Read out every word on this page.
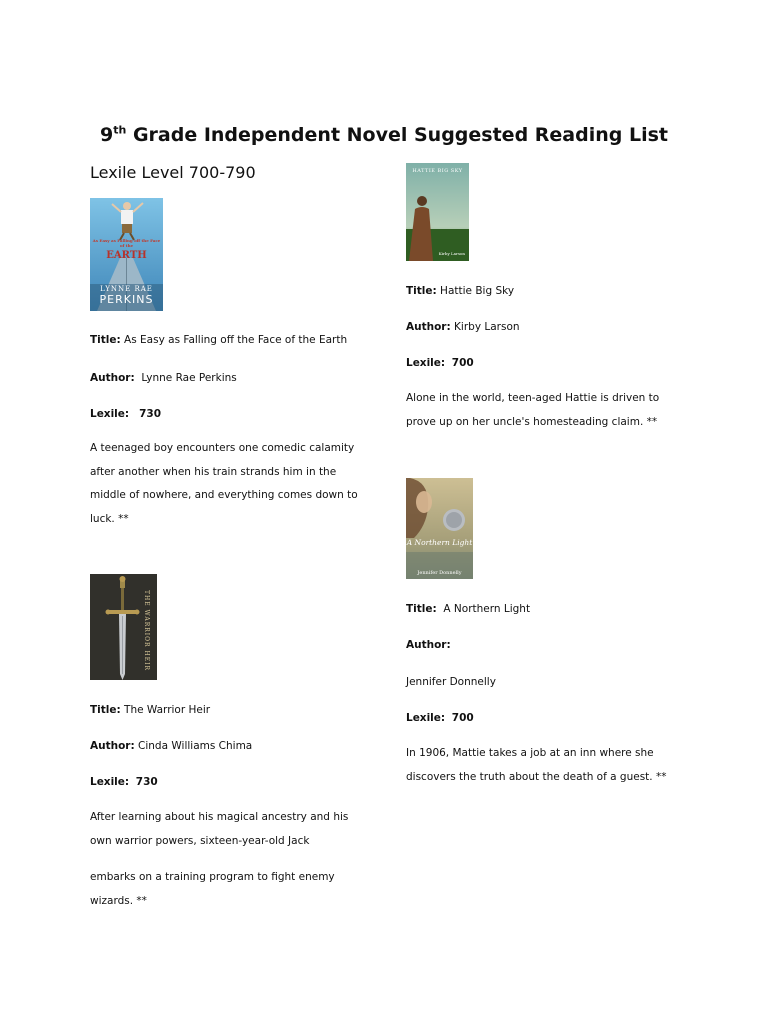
9th Grade Independent Novel Suggested Reading List
Lexile Level 700-790
As Easy as Falling off the Face of the
EARTH
LYNNE RAE
PERKINS
Title: As Easy as Falling off the Face of the Earth
Author: Lynne Rae Perkins
Lexile: 730
A teenaged boy encounters one comedic calamity
after another when his train strands him in the
middle of nowhere, and everything comes down to
luck. **
THE WARRIOR HEIR
Title: The Warrior Heir
Author: Cinda Williams Chima
Lexile: 730
After learning about his magical ancestry and his
own warrior powers, sixteen-year-old Jack
embarks on a training program to fight enemy
wizards. **
HATTIE BIG SKY
Kirby Larson
Title: Hattie Big Sky
Author: Kirby Larson
Lexile: 700
Alone in the world, teen-aged Hattie is driven to
prove up on her uncle's homesteading claim. **
A Northern Light
Jennifer Donnelly
Title: A Northern Light
Author:
Jennifer Donnelly
Lexile: 700
In 1906, Mattie takes a job at an inn where she
discovers the truth about the death of a guest. **
